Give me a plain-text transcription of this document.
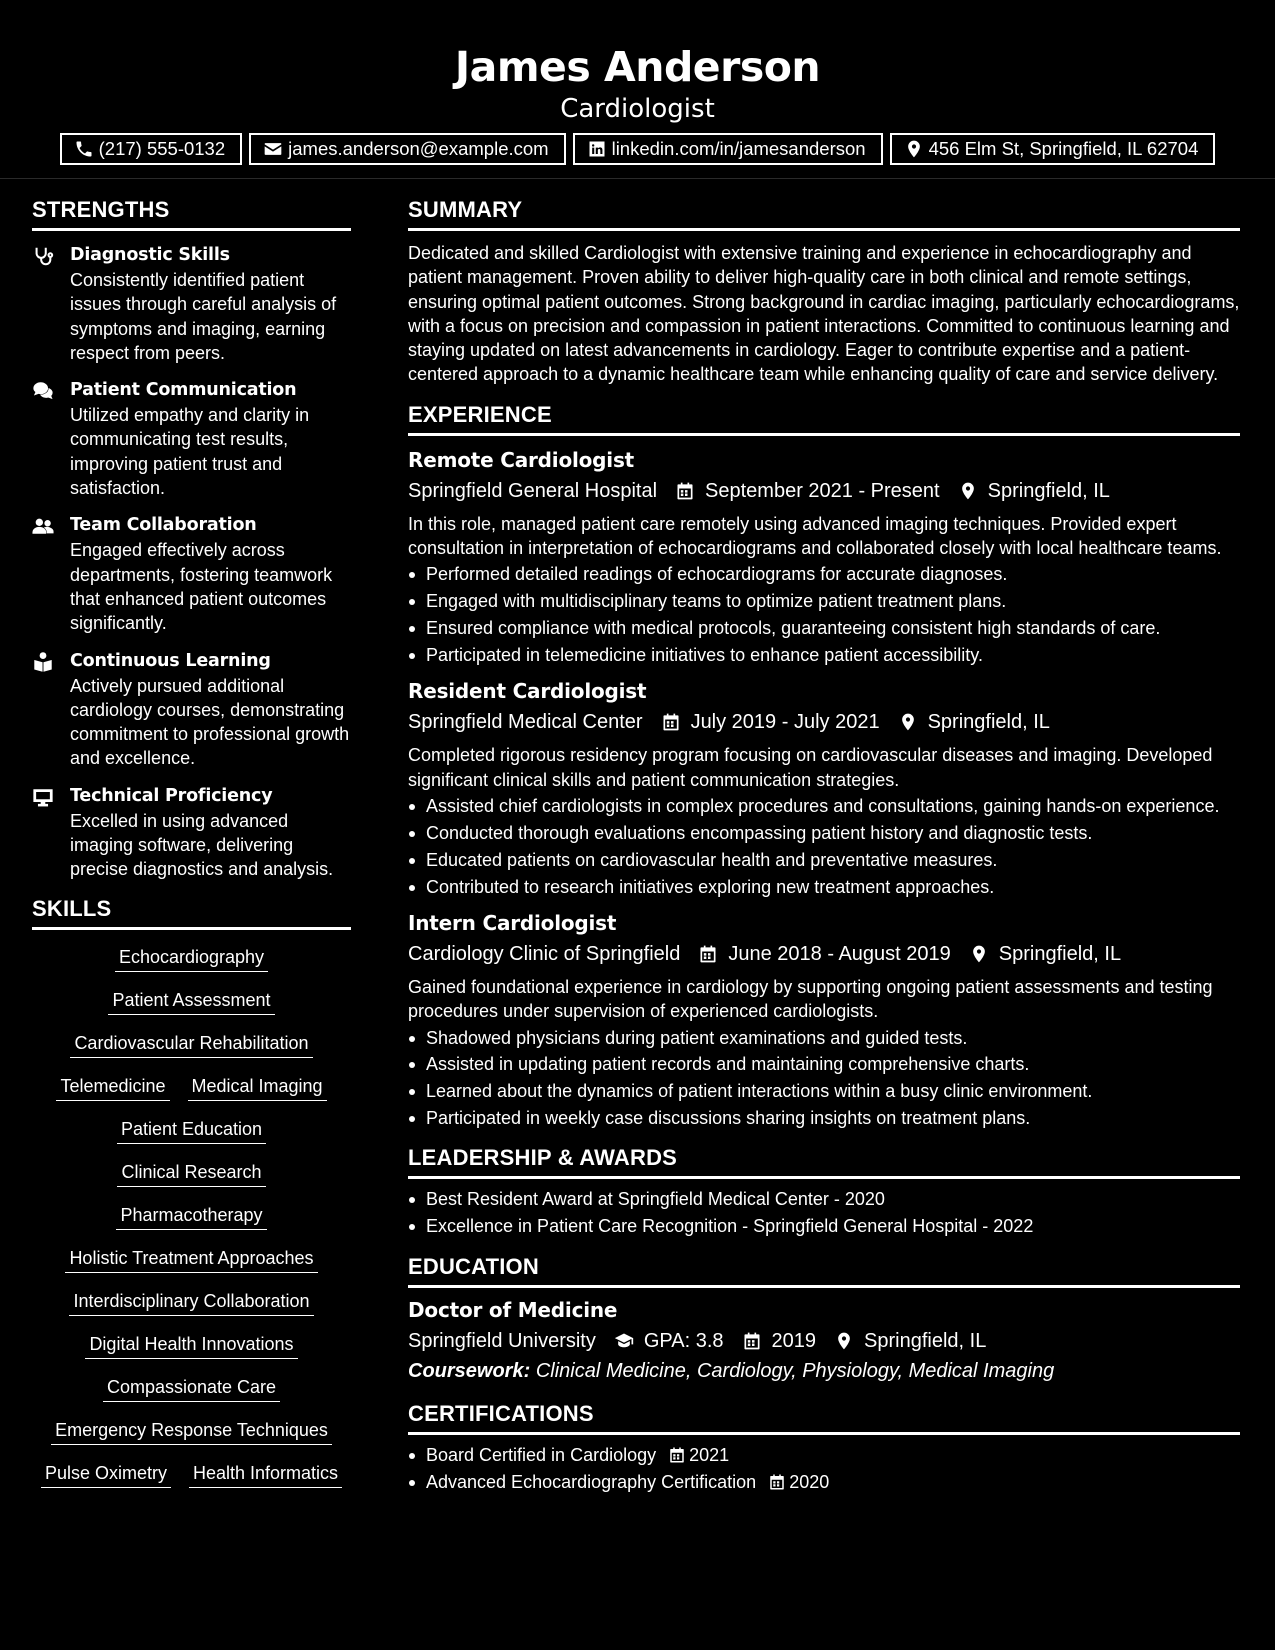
James Anderson
Cardiologist
(217) 555-0132	james.anderson@example.com	linkedin.com/in/jamesanderson	456 Elm St, Springfield, IL 62704
STRENGTHS
Diagnostic Skills
Consistently identified patient issues through careful analysis of symptoms and imaging, earning respect from peers.
Patient Communication
Utilized empathy and clarity in communicating test results, improving patient trust and satisfaction.
Team Collaboration
Engaged effectively across departments, fostering teamwork that enhanced patient outcomes significantly.
Continuous Learning
Actively pursued additional cardiology courses, demonstrating commitment to professional growth and excellence.
Technical Proficiency
Excelled in using advanced imaging software, delivering precise diagnostics and analysis.
SKILLS
Echocardiography
Patient Assessment
Cardiovascular Rehabilitation
Telemedicine Medical Imaging
Patient Education
Clinical Research
Pharmacotherapy
Holistic Treatment Approaches
Interdisciplinary Collaboration
Digital Health Innovations
Compassionate Care
Emergency Response Techniques
Pulse Oximetry Health Informatics
SUMMARY
Dedicated and skilled Cardiologist with extensive training and experience in echocardiography and patient management. Proven ability to deliver high-quality care in both clinical and remote settings, ensuring optimal patient outcomes. Strong background in cardiac imaging, particularly echocardiograms, with a focus on precision and compassion in patient interactions. Committed to continuous learning and staying updated on latest advancements in cardiology. Eager to contribute expertise and a patient-centered approach to a dynamic healthcare team while enhancing quality of care and service delivery.
EXPERIENCE
Remote Cardiologist
Springfield General Hospital September 2021 - Present Springfield, IL
In this role, managed patient care remotely using advanced imaging techniques. Provided expert consultation in interpretation of echocardiograms and collaborated closely with local healthcare teams.
Performed detailed readings of echocardiograms for accurate diagnoses.
Engaged with multidisciplinary teams to optimize patient treatment plans.
Ensured compliance with medical protocols, guaranteeing consistent high standards of care.
Participated in telemedicine initiatives to enhance patient accessibility.
Resident Cardiologist
Springfield Medical Center July 2019 - July 2021 Springfield, IL
Completed rigorous residency program focusing on cardiovascular diseases and imaging. Developed significant clinical skills and patient communication strategies.
Assisted chief cardiologists in complex procedures and consultations, gaining hands-on experience.
Conducted thorough evaluations encompassing patient history and diagnostic tests.
Educated patients on cardiovascular health and preventative measures.
Contributed to research initiatives exploring new treatment approaches.
Intern Cardiologist
Cardiology Clinic of Springfield June 2018 - August 2019 Springfield, IL
Gained foundational experience in cardiology by supporting ongoing patient assessments and testing procedures under supervision of experienced cardiologists.
Shadowed physicians during patient examinations and guided tests.
Assisted in updating patient records and maintaining comprehensive charts.
Learned about the dynamics of patient interactions within a busy clinic environment.
Participated in weekly case discussions sharing insights on treatment plans.
LEADERSHIP & AWARDS
Best Resident Award at Springfield Medical Center - 2020
Excellence in Patient Care Recognition - Springfield General Hospital - 2022
EDUCATION
Doctor of Medicine
Springfield University GPA: 3.8 2019 Springfield, IL
Coursework: Clinical Medicine, Cardiology, Physiology, Medical Imaging
CERTIFICATIONS
Board Certified in Cardiology 2021
Advanced Echocardiography Certification 2020
